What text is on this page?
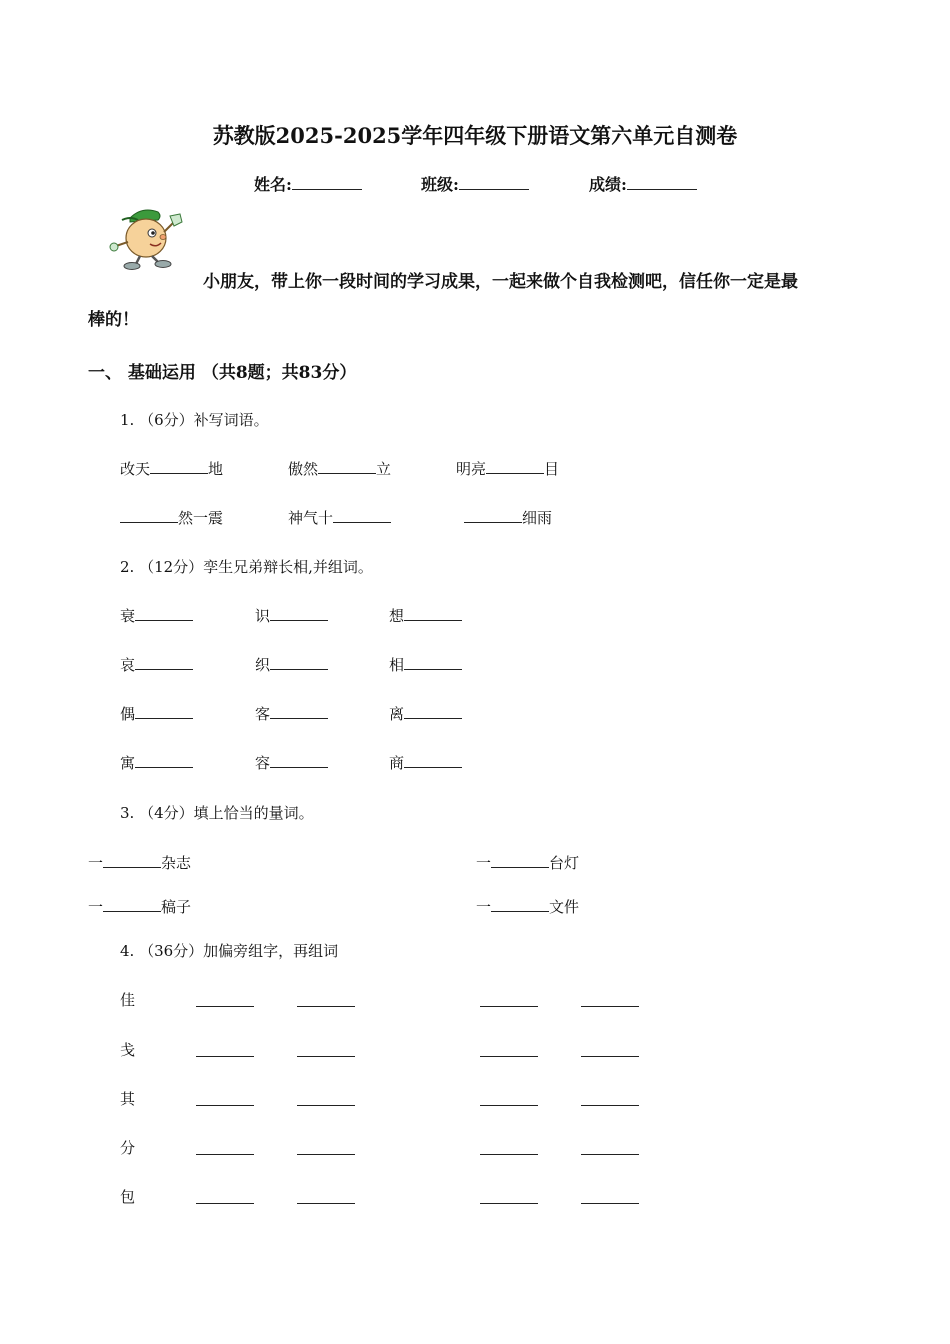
苏教版2025-2025学年四年级下册语文第六单元自测卷
姓名:	班级:	成绩:
小朋友，带上你一段时间的学习成果，一起来做个自我检测吧，信任你一定是最
棒的！
一、 基础运用 （共8题；共83分）
1. （6分）补写词语。
改天	地	傲然	立	明亮	目
然一震	神气十	细雨
2. （12分）孪生兄弟辩长相,并组词。
衰	识	想
哀	织	相
偶	客	离
寓	容	商
3. （4分）填上恰当的量词。
一	杂志	一	台灯
一	稿子	一	文件
4. （36分）加偏旁组字，再组词
佳
戋
其
分
包
